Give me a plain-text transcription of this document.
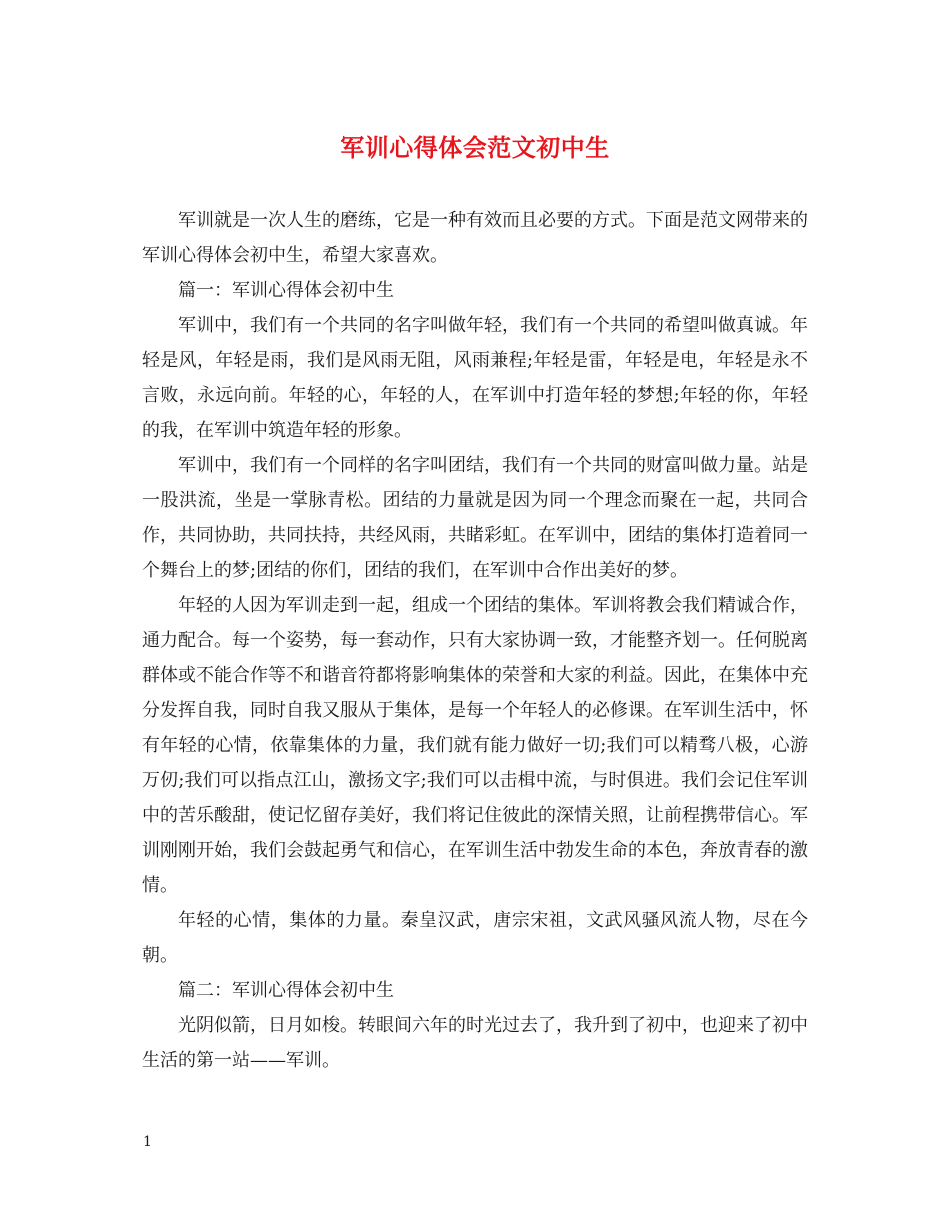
军训心得体会范文初中生

军训就是一次人生的磨练，它是一种有效而且必要的方式。下面是范文网带来的军训心得体会初中生，希望大家喜欢。

篇一：军训心得体会初中生

军训中，我们有一个共同的名字叫做年轻，我们有一个共同的希望叫做真诚。年轻是风，年轻是雨，我们是风雨无阻，风雨兼程;年轻是雷，年轻是电，年轻是永不言败，永远向前。年轻的心，年轻的人，在军训中打造年轻的梦想;年轻的你，年轻的我，在军训中筑造年轻的形象。

军训中，我们有一个同样的名字叫团结，我们有一个共同的财富叫做力量。站是一股洪流，坐是一掌脉青松。团结的力量就是因为同一个理念而聚在一起，共同合作，共同协助，共同扶持，共经风雨，共睹彩虹。在军训中，团结的集体打造着同一个舞台上的梦;团结的你们，团结的我们，在军训中合作出美好的梦。

年轻的人因为军训走到一起，组成一个团结的集体。军训将教会我们精诚合作，通力配合。每一个姿势，每一套动作，只有大家协调一致，才能整齐划一。任何脱离群体或不能合作等不和谐音符都将影响集体的荣誉和大家的利益。因此，在集体中充分发挥自我，同时自我又服从于集体，是每一个年轻人的必修课。在军训生活中，怀有年轻的心情，依靠集体的力量，我们就有能力做好一切;我们可以精骛八极，心游万仞;我们可以指点江山，激扬文字;我们可以击楫中流，与时俱进。我们会记住军训中的苦乐酸甜，使记忆留存美好，我们将记住彼此的深情关照，让前程携带信心。军训刚刚开始，我们会鼓起勇气和信心，在军训生活中勃发生命的本色，奔放青春的激情。

年轻的心情，集体的力量。秦皇汉武，唐宗宋祖，文武风骚风流人物，尽在今朝。

篇二：军训心得体会初中生

光阴似箭，日月如梭。转眼间六年的时光过去了，我升到了初中，也迎来了初中生活的第一站——军训。

1
